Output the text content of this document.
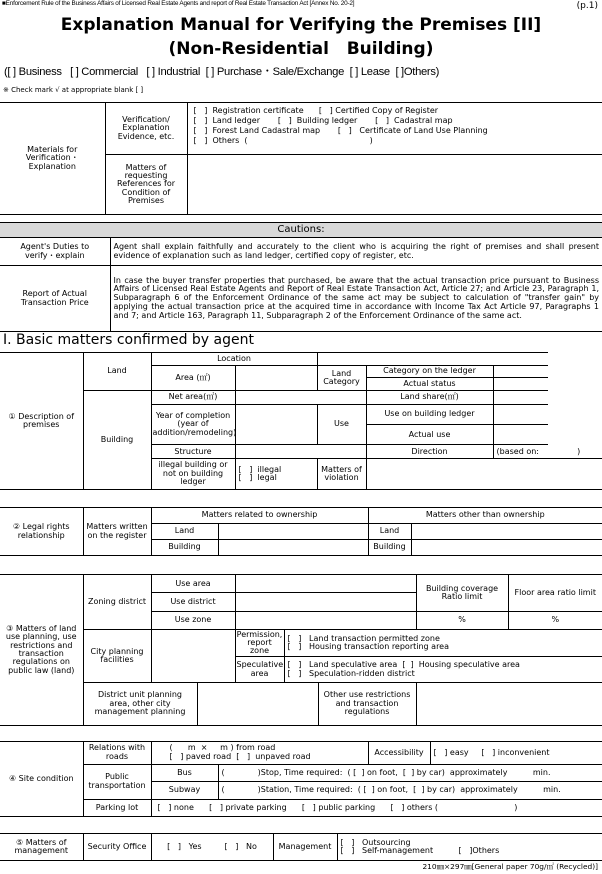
■Enforcement Rule of the Business Affairs of Licensed Real Estate Agents and report of Real Estate Transaction Act [Annex No. 20-2]	(p.1)
Explanation Manual for Verifying the Premises [II]
(Non-Residential   Building)
([ ] Business   [ ] Commercial   [ ] Industrial  [ ] Purchase・Sale/Exchange  [ ] Lease  [ ]Others)
※ Check mark √ at appropriate blank [ ]
Materials for Verification・Explanation	Verification/ Explanation Evidence, etc.	[   ]  Registration certificate      [   ] Certified Copy of Register
[   ]  Land ledger       [   ]  Building ledger       [   ]  Cadastral map
[   ]  Forest Land Cadastral map       [   ]   Certificate of Land Use Planning
[   ]  Others  (                                                )

	Matters of requesting References for Condition of Premises	
Cautions:	
Agent's Duties to verify・explain	Agent shall explain faithfully and accurately to the client who is acquiring the right of premises and shall present evidence of explanation such as land ledger, certified copy of register, etc.
Report of Actual Transaction Price	In case the buyer transfer properties that purchased, be aware that the actual transaction price pursuant to Business Affairs of Licensed Real Estate Agents and Report of Real Estate Transaction Act, Article 27; and Article 23, Paragraph 1, Subparagraph 6 of the Enforcement Ordinance of the same act may be subject to calculation of "transfer gain" by applying the actual transaction price at the acquired time in accordance with Income Tax Act Article 97, Paragraphs 1 and 7; and Article 163, Paragraph 11, Subparagraph 2 of the Enforcement Ordinance of the same act.
Ⅰ. Basic matters confirmed by agent
① Description of premises	Land	Location				
		Area (㎡)		Land Category	Category on the ledger	
					Actual status	
	Building	Net area(㎡)			Land share(㎡)	
		Year of completion (year of addition/remodeling)		Use	Use on building ledger	
					Actual use	
		Structure			Direction	(based on:               )
		illegal building or not on building ledger	[   ]  illegal
[   ]  legal	Matters of violation		
② Legal rights relationship	Matters written on the register	Matters related to ownership		Matters other than ownership	
		Land		Land	
		Building		Building	
③ Matters of land use planning, use restrictions and transaction regulations on public law (land)	Zoning district	Use area					Building coverage Ratio limit	Floor area ratio limit
		Use district						
		Use zone					%	%
	City planning facilities			Permission, report zone	[   ]   Land transaction permitted zone
[   ]   Housing transaction reporting area			
				Speculative area	[   ]   Land speculative area  [  ]  Housing speculative area
[   ]   Speculation-ridden district			
	District unit planning area, other city management planning					Other use restrictions and transaction regulations		
④ Site condition	Relations with roads	(      m  ×     m ) from road
[   ] paved road  [   ]  unpaved road		Accessibility	[   ] easy     [   ] inconvenient
	Public transportation	Bus	(             )Stop, Time required:  ( [  ] on foot,  [  ] by car)  approximately          min.		
		Subway	(             )Station, Time required:  ( [  ] on foot,  [  ] by car)  approximately          min.		
	Parking lot	[   ] none      [   ] private parking      [   ] public parking      [   ] others (                              )			
⑤ Matters of management	Security Office	[   ]   Yes         [   ]   No	Management	[   ]   Outsourcing
[   ]   Self-management          [   ]Others
210㎜×297㎜[General paper 70g/㎡ (Recycled)]
